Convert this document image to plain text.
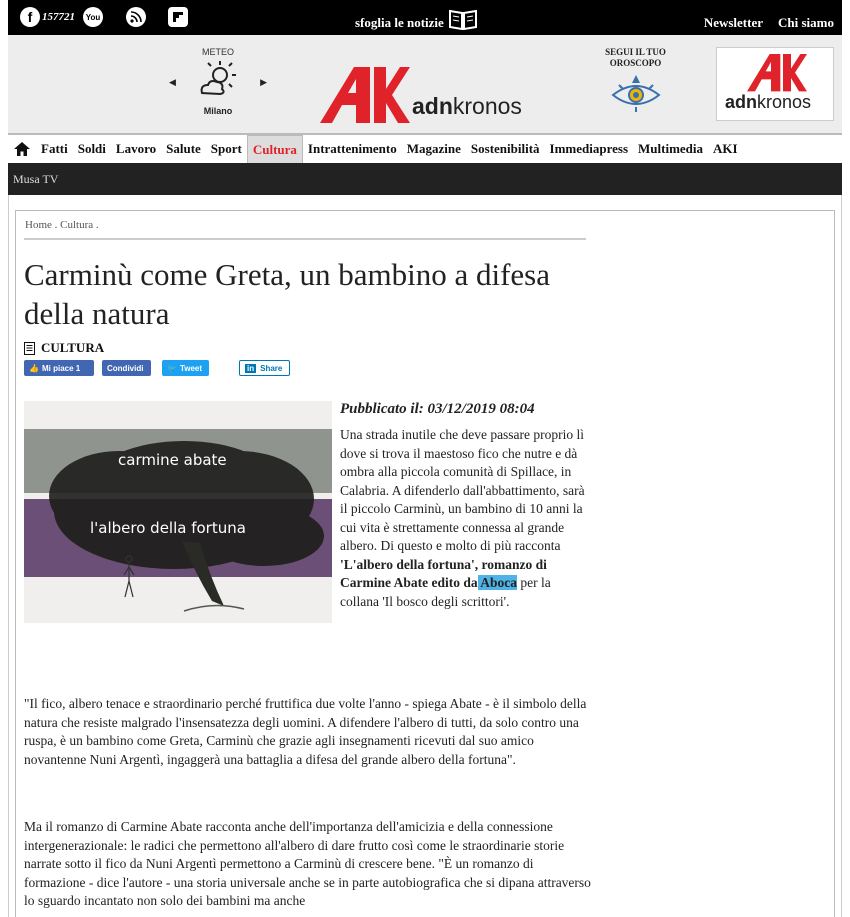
f 157721	You	sfoglia le notizie	Newsletter Chi siamo
METEO
◀	▶
Milano	adnkronos
SEGUI IL TUO OROSCOPO
adnkronos
Fatti Soldi Lavoro Salute Sport Cultura Intrattenimento Magazine Sostenibilità Immediapress Multimedia AKI
Musa TV
Home . Cultura .
Carminù come Greta, un bambino a difesa della natura
CULTURA
👍 Mi piace 1	Condividi	🐦 Tweet	in Share
carmine abate
l'albero della fortuna
Pubblicato il: 03/12/2019 08:04
Una strada inutile che deve passare proprio lì dove si trova il maestoso fico che nutre e dà ombra alla piccola comunità di Spillace, in Calabria. A difenderlo dall'abbattimento, sarà il piccolo Carminù, un bambino di 10 anni la cui vita è strettamente connessa al grande albero. Di questo e molto di più racconta 'L'albero della fortuna', romanzo di Carmine Abate edito da Aboca per la collana 'Il bosco degli scrittori'.

"Il fico, albero tenace e straordinario perché fruttifica due volte l'anno - spiega Abate - è il simbolo della natura che resiste malgrado l'insensatezza degli uomini. A difendere l'albero di tutti, da solo contro una ruspa, è un bambino come Greta, Carminù che grazie agli insegnamenti ricevuti dal suo amico novantenne Nuni Argentì, ingaggerà una battaglia a difesa del grande albero della fortuna".

Ma il romanzo di Carmine Abate racconta anche dell'importanza dell'amicizia e della connessione intergenerazionale: le radici che permettono all'albero di dare frutto così come le straordinarie storie narrate sotto il fico da Nuni Argentì permettono a Carminù di crescere bene. "È un romanzo di formazione - dice l'autore - una storia universale anche se in parte autobiografica che si dipana attraverso lo sguardo incantato non solo dei bambini ma anche
